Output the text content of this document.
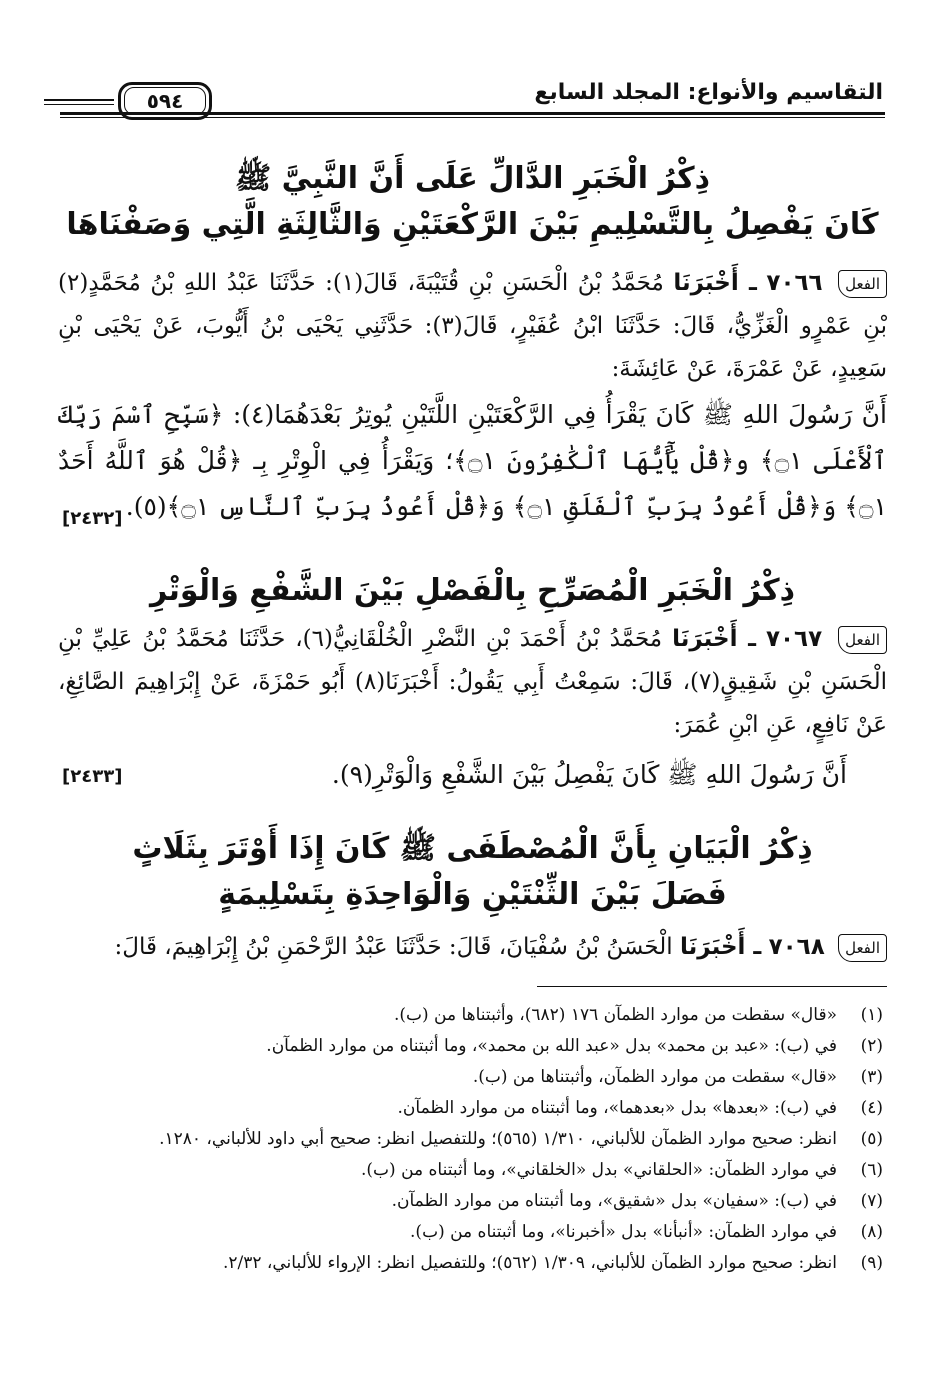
التقاسيم والأنواع: المجلد السابع
٥٩٤
ذِكْرُ الْخَبَرِ الدَّالِّ عَلَى أَنَّ النَّبِيَّ ﷺ
كَانَ يَفْصِلُ بِالتَّسْلِيمِ بَيْنَ الرَّكْعَتَيْنِ وَالثَّالِثَةِ الَّتِي وَصَفْنَاهَا
الفعل ٧٠٦٦ ـ أَخْبَرَنَا مُحَمَّدُ بْنُ الْحَسَنِ بْنِ قُتَيْبَةَ، قَالَ(١): حَدَّثَنَا عَبْدُ اللهِ بْنُ مُحَمَّدٍ(٢) بْنِ عَمْرٍو الْغَزِّيُّ، قَالَ: حَدَّثَنَا ابْنُ عُفَيْرٍ، قَالَ(٣): حَدَّثَنِي يَحْيَى بْنُ أَيُّوبَ، عَنْ يَحْيَى بْنِ سَعِيدٍ، عَنْ عَمْرَةَ، عَنْ عَائِشَةَ:
أَنَّ رَسُولَ اللهِ ﷺ كَانَ يَقْرَأُ فِي الرَّكْعَتَيْنِ اللَّتَيْنِ يُوتِرُ بَعْدَهُمَا(٤): ﴿سَبِّحِ ٱسْمَ رَبِّكَ ٱلْأَعْلَى ۝١﴾ و﴿قُلْ يَٰٓأَيُّهَا ٱلْكَٰفِرُونَ ۝١﴾؛ وَيَقْرَأُ فِي الْوِتْرِ بِـ ﴿قُلْ هُوَ ٱللَّهُ أَحَدٌ ۝١﴾ وَ﴿قُلْ أَعُوذُ بِرَبِّ ٱلْفَلَقِ ۝١﴾ وَ﴿قُلْ أَعُوذُ بِرَبِّ ٱلنَّاسِ ۝١﴾(٥).
[٢٤٣٢]
ذِكْرُ الْخَبَرِ الْمُصَرِّحِ بِالْفَصْلِ بَيْنَ الشَّفْعِ وَالْوَتْرِ
الفعل ٧٠٦٧ ـ أَخْبَرَنَا مُحَمَّدُ بْنُ أَحْمَدَ بْنِ النَّضْرِ الْخُلْقَانِيُّ(٦)، حَدَّثَنَا مُحَمَّدُ بْنُ عَلِيِّ بْنِ الْحَسَنِ بْنِ شَقِيقٍ(٧)، قَالَ: سَمِعْتُ أَبِي يَقُولُ: أَخْبَرَنَا(٨) أَبُو حَمْزَةَ، عَنْ إِبْرَاهِيمَ الصَّائِغِ، عَنْ نَافِعٍ، عَنِ ابْنِ عُمَرَ:
أَنَّ رَسُولَ اللهِ ﷺ كَانَ يَفْصِلُ بَيْنَ الشَّفْعِ وَالْوَتْرِ(٩).
[٢٤٣٣]
ذِكْرُ الْبَيَانِ بِأَنَّ الْمُصْطَفَى ﷺ كَانَ إِذَا أَوْتَرَ بِثَلَاثٍ
فَصَلَ بَيْنَ الثِّنْتَيْنِ وَالْوَاحِدَةِ بِتَسْلِيمَةٍ
الفعل ٧٠٦٨ ـ أَخْبَرَنَا الْحَسَنُ بْنُ سُفْيَانَ، قَالَ: حَدَّثَنَا عَبْدُ الرَّحْمَنِ بْنُ إِبْرَاهِيمَ، قَالَ:
(١)
«قال» سقطت من موارد الظمآن ١٧٦ (٦٨٢)، وأثبتناها من (ب).
(٢)
في (ب): «عبد بن محمد» بدل «عبد الله بن محمد»، وما أثبتناه من موارد الظمآن.
(٣)
«قال» سقطت من موارد الظمآن، وأثبتناها من (ب).
(٤)
في (ب): «بعدها» بدل «بعدهما»، وما أثبتناه من موارد الظمآن.
(٥)
انظر: صحيح موارد الظمآن للألباني، ١/٣١٠ (٥٦٥)؛ وللتفصيل انظر: صحيح أبي داود للألباني، ١٢٨٠.
(٦)
في موارد الظمآن: «الحلقاني» بدل «الخلقاني»، وما أثبتناه من (ب).
(٧)
في (ب): «سفيان» بدل «شقيق»، وما أثبتناه من موارد الظمآن.
(٨)
في موارد الظمآن: «أنبأنا» بدل «أخبرنا»، وما أثبتناه من (ب).
(٩)
انظر: صحيح موارد الظمآن للألباني، ١/٣٠٩ (٥٦٢)؛ وللتفصيل انظر: الإرواء للألباني، ٢/٣٢.
